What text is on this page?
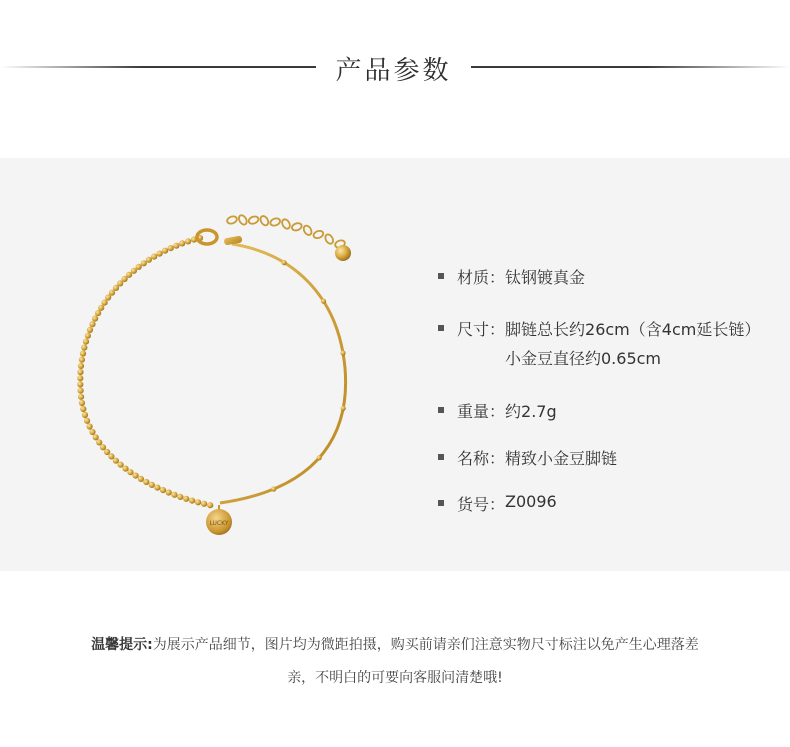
产品参数
LUCKY
材质： 钛钢镀真金
尺寸： 脚链总长约26cm（含4cm延长链）
小金豆直径约0.65cm
重量： 约2.7g
名称： 精致小金豆脚链
货号： Z0096
温馨提示:为展示产品细节，图片均为微距拍摄，购买前请亲们注意实物尺寸标注以免产生心理落差
亲，不明白的可要向客服问清楚哦!
